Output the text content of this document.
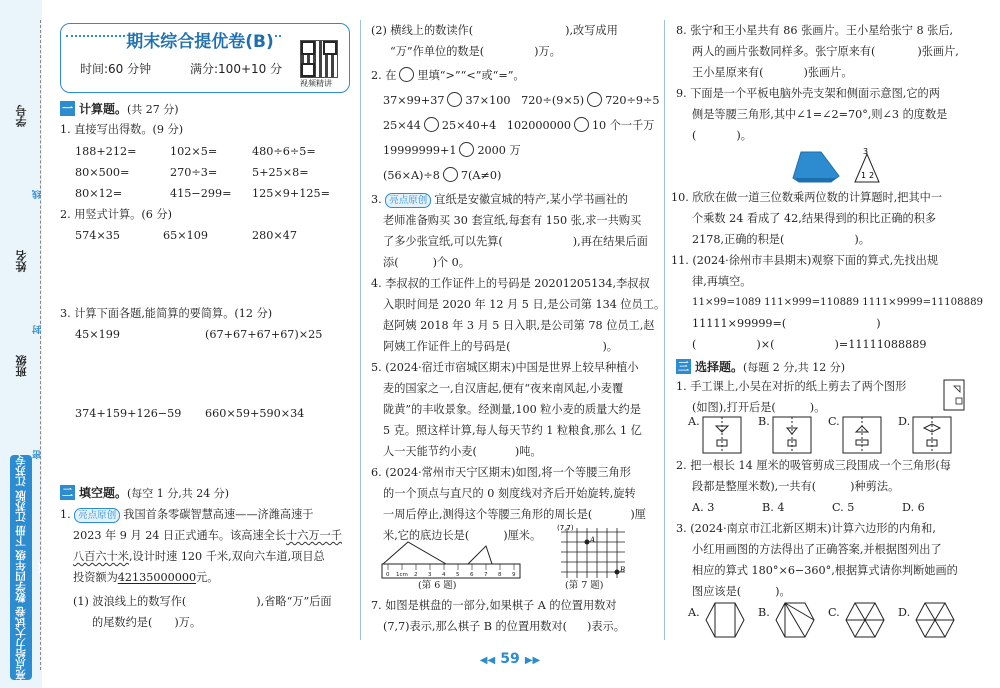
学号
姓名
班级
线
封
密
亮点给力大试卷 数学四年级 下册 江苏版 江苏专版
期末综合提优卷(B)
时间:60 分钟	满分:100+10 分
视频精讲
一 计算题。 (共 27 分)
1. 直接写出得数。(9 分)
188+212=	102×5=	480÷6÷5=
80×500=	270÷3=	5+25×8=
80×12=	415−299= 125×9+125=
2. 用竖式计算。(6 分)
574×35	65×109	280×47
3. 计算下面各题,能简算的要简算。(12 分)
45×199	(67+67+67+67)×25
374+159+126−59 660×59+590×34
二 填空题。 (每空 1 分,共 24 分)
1. 亮点原创 我国首条零碳智慧高速——济潍高速于
2023 年 9 月 24 日正式通车。该高速全长十六万一千
八百六十米,设计时速 120 千米,双向六车道,项目总
投资额为42135000000元。
(1) 波浪线上的数写作(	),省略“万”后面
的尾数约是( )万。
(2) 横线上的数读作(	),改写成用
“万”作单位的数是(	)万。
2. 在 里填“>”“<”或“=”。
37×99+37 37×100 720÷(9×5) 720÷9÷5
25×44 25×40+4 102000000 10 个一千万
19999999+1 2000 万
(56×A)÷8 7(A≠0)
3. 亮点原创 宜纸是安徽宣城的特产,某小学书画社的
老师准备购买 30 套宣纸,每套有 150 张,求一共购买
了多少张宣纸,可以先算(	),再在结果后面
添(	)个 0。
4. 李叔叔的工作证件上的号码是 20201205134,李叔叔
入职时间是 2020 年 12 月 5 日,是公司第 134 位员工。
赵阿姨 2018 年 3 月 5 日入职,是公司第 78 位员工,赵
阿姨工作证件上的号码是(	)。
5. (2024·宿迁市宿城区期末)中国是世界上较早种植小
麦的国家之一,自汉唐起,便有“夜来南风起,小麦覆
陇黄”的丰收景象。经测量,100 粒小麦的质量大约是
5 克。照这样计算,每人每天节约 1 粒粮食,那么 1 亿
人一天能节约小麦(	)吨。
6. (2024·常州市天宁区期末)如图,将一个等腰三角形
的一个顶点与直尺的 0 刻度线对齐后开始旋转,旋转
一周后停止,测得这个等腰三角形的周长是(	)厘
米,它的底边长是(	)厘米。
0 1cm 2 3 4 5 6 7 8 9
(第 6 题)
A
B
(7,7)
(第 7 题)
7. 如图是棋盘的一部分,如果棋子 A 的位置用数对
(7,7)表示,那么棋子 B 的位置用数对( )表示。
8. 张宁和王小星共有 86 张画片。王小星给张宁 8 张后,
两人的画片张数同样多。张宁原来有(	)张画片,
王小星原来有(	)张画片。
9. 下面是一个平板电脑外壳支架和侧面示意图,它的两
侧是等腰三角形,其中∠1=∠2=70°,则∠3 的度数是
(	)。
3
1 2
10. 欣欣在做一道三位数乘两位数的计算题时,把其中一
个乘数 24 看成了 42,结果得到的积比正确的积多
2178,正确的积是(	)。
11. (2024·徐州市丰县期末)观察下面的算式,先找出规
律,再填空。
11×99=1089 111×999=110889 1111×9999=11108889
11111×99999=(	)
(	)×(	)=11111088889
三 选择题。 (每题 2 分,共 12 分)
1. 手工课上,小吴在对折的纸上剪去了两个图形
(如图),打开后是(	)。
A.	B.	C.	D.
2. 把一根长 14 厘米的吸管剪成三段围成一个三角形(每
段都是整厘米数),一共有(	)种剪法。
A. 3	B. 4	C. 5	D. 6
3. (2024·南京市江北新区期末)计算六边形的内角和,
小红用画图的方法得出了正确答案,并根据图列出了
相应的算式 180°×6−360°,根据算式请你判断她画的
图应该是(	)。
A.	B.	C.	D.
◀◀ 59 ▶▶
